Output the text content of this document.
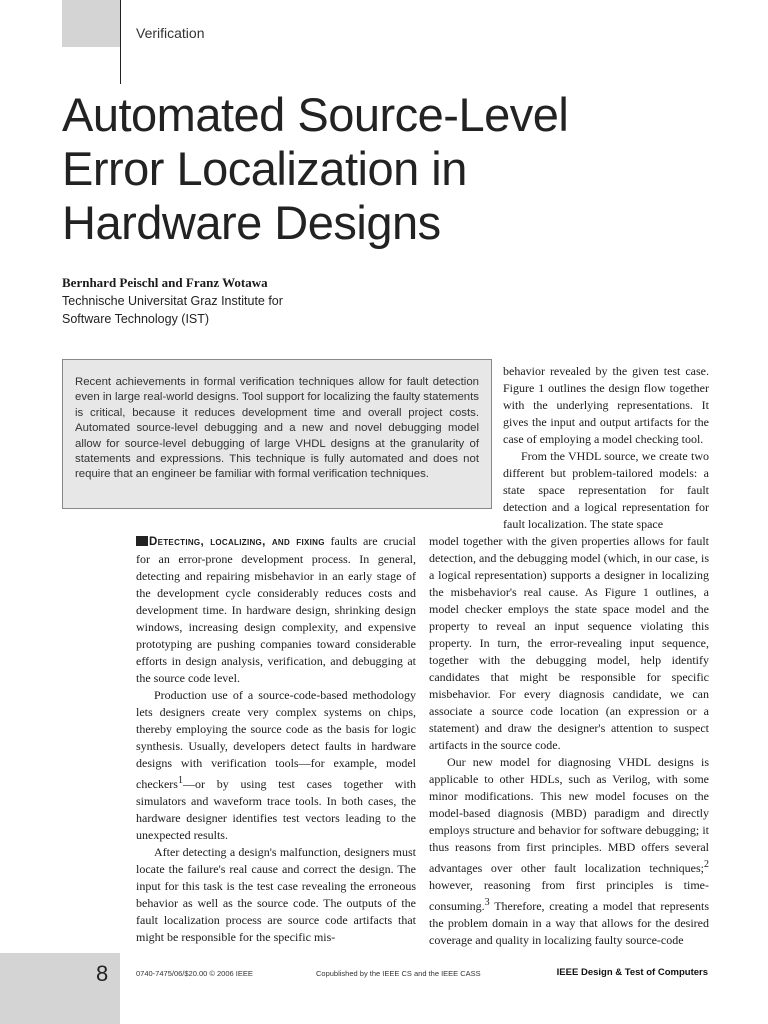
Verification
Automated Source-Level
Error Localization in
Hardware Designs
Bernhard Peischl and Franz Wotawa
Technische Universitat Graz Institute for
Software Technology (IST)

Recent achievements in formal verification techniques allow for fault detection even in large real-world designs. Tool support for localizing the faulty statements is critical, because it reduces development time and overall project costs. Automated source-level debugging and a new and novel debugging model allow for source-level debugging of large VHDL designs at the granularity of statements and expressions. This technique is fully automated and does not require that an engineer be familiar with formal verification techniques.

behavior revealed by the given test case. Figure 1 outlines the design flow together with the underlying representations. It gives the input and output artifacts for the case of employing a model checking tool.

From the VHDL source, we create two different but problem-tailored models: a state space representation for fault detection and a logical representation for fault localization. The state space

Detecting, localizing, and fixing faults are crucial for an error-prone development process. In general, detecting and repairing misbehavior in an early stage of the development cycle considerably reduces costs and development time. In hardware design, shrinking design windows, increasing design complexity, and expensive prototyping are pushing companies toward considerable efforts in design analysis, verification, and debugging at the source code level.

Production use of a source-code-based methodology lets designers create very complex systems on chips, thereby employing the source code as the basis for logic synthesis. Usually, developers detect faults in hardware designs with verification tools—for example, model checkers$^1$—or by using test cases together with simulators and waveform trace tools. In both cases, the hardware designer identifies test vectors leading to the unexpected results.

After detecting a design's malfunction, designers must locate the failure's real cause and correct the design. The input for this task is the test case revealing the erroneous behavior as well as the source code. The outputs of the fault localization process are source code artifacts that might be responsible for the specific mis-

model together with the given properties allows for fault detection, and the debugging model (which, in our case, is a logical representation) supports a designer in localizing the misbehavior's real cause. As Figure 1 outlines, a model checker employs the state space model and the property to reveal an input sequence violating this property. In turn, the error-revealing input sequence, together with the debugging model, help identify candidates that might be responsible for specific misbehavior. For every diagnosis candidate, we can associate a source code location (an expression or a statement) and draw the designer's attention to suspect artifacts in the source code.

Our new model for diagnosing VHDL designs is applicable to other HDLs, such as Verilog, with some minor modifications. This new model focuses on the model-based diagnosis (MBD) paradigm and directly employs structure and behavior for software debugging; it thus reasons from first principles. MBD offers several advantages over other fault localization techniques;$^2$ however, reasoning from first principles is time-consuming.$^3$ Therefore, creating a model that represents the problem domain in a way that allows for the desired coverage and quality in localizing faulty source-code

8	0740-7475/06/$20.00 © 2006 IEEE	Copublished by the IEEE CS and the IEEE CASS	IEEE Design & Test of Computers
